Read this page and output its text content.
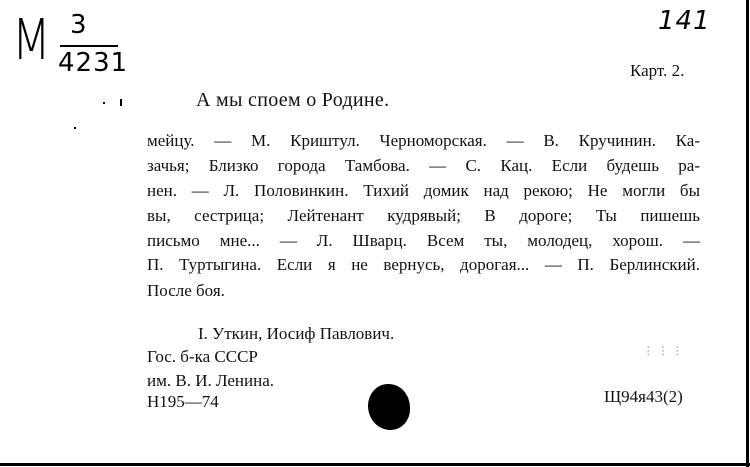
М 3
4231
141
Карт. 2.
А мы споем о Родине.
мейцу. — М. Криштул. Черноморская. — В. Кручинин. Ка-
зачья; Близко города Тамбова. — С. Кац. Если будешь ра-
нен. — Л. Половинкин. Тихий домик над рекою; Не могли бы
вы, сестрица; Лейтенант кудрявый; В дороге; Ты пишешь
письмо мне... — Л. Шварц. Всем ты, молодец, хорош. —
П. Туртыгина. Если я не вернусь, дорогая... — П. Берлинский.
После боя.
I. Уткин, Иосиф Павлович.
Гос. б-ка СССР
им. В. И. Ленина.
Н195—74	Щ94я43(2)
⁝ ⁝ ⁝
